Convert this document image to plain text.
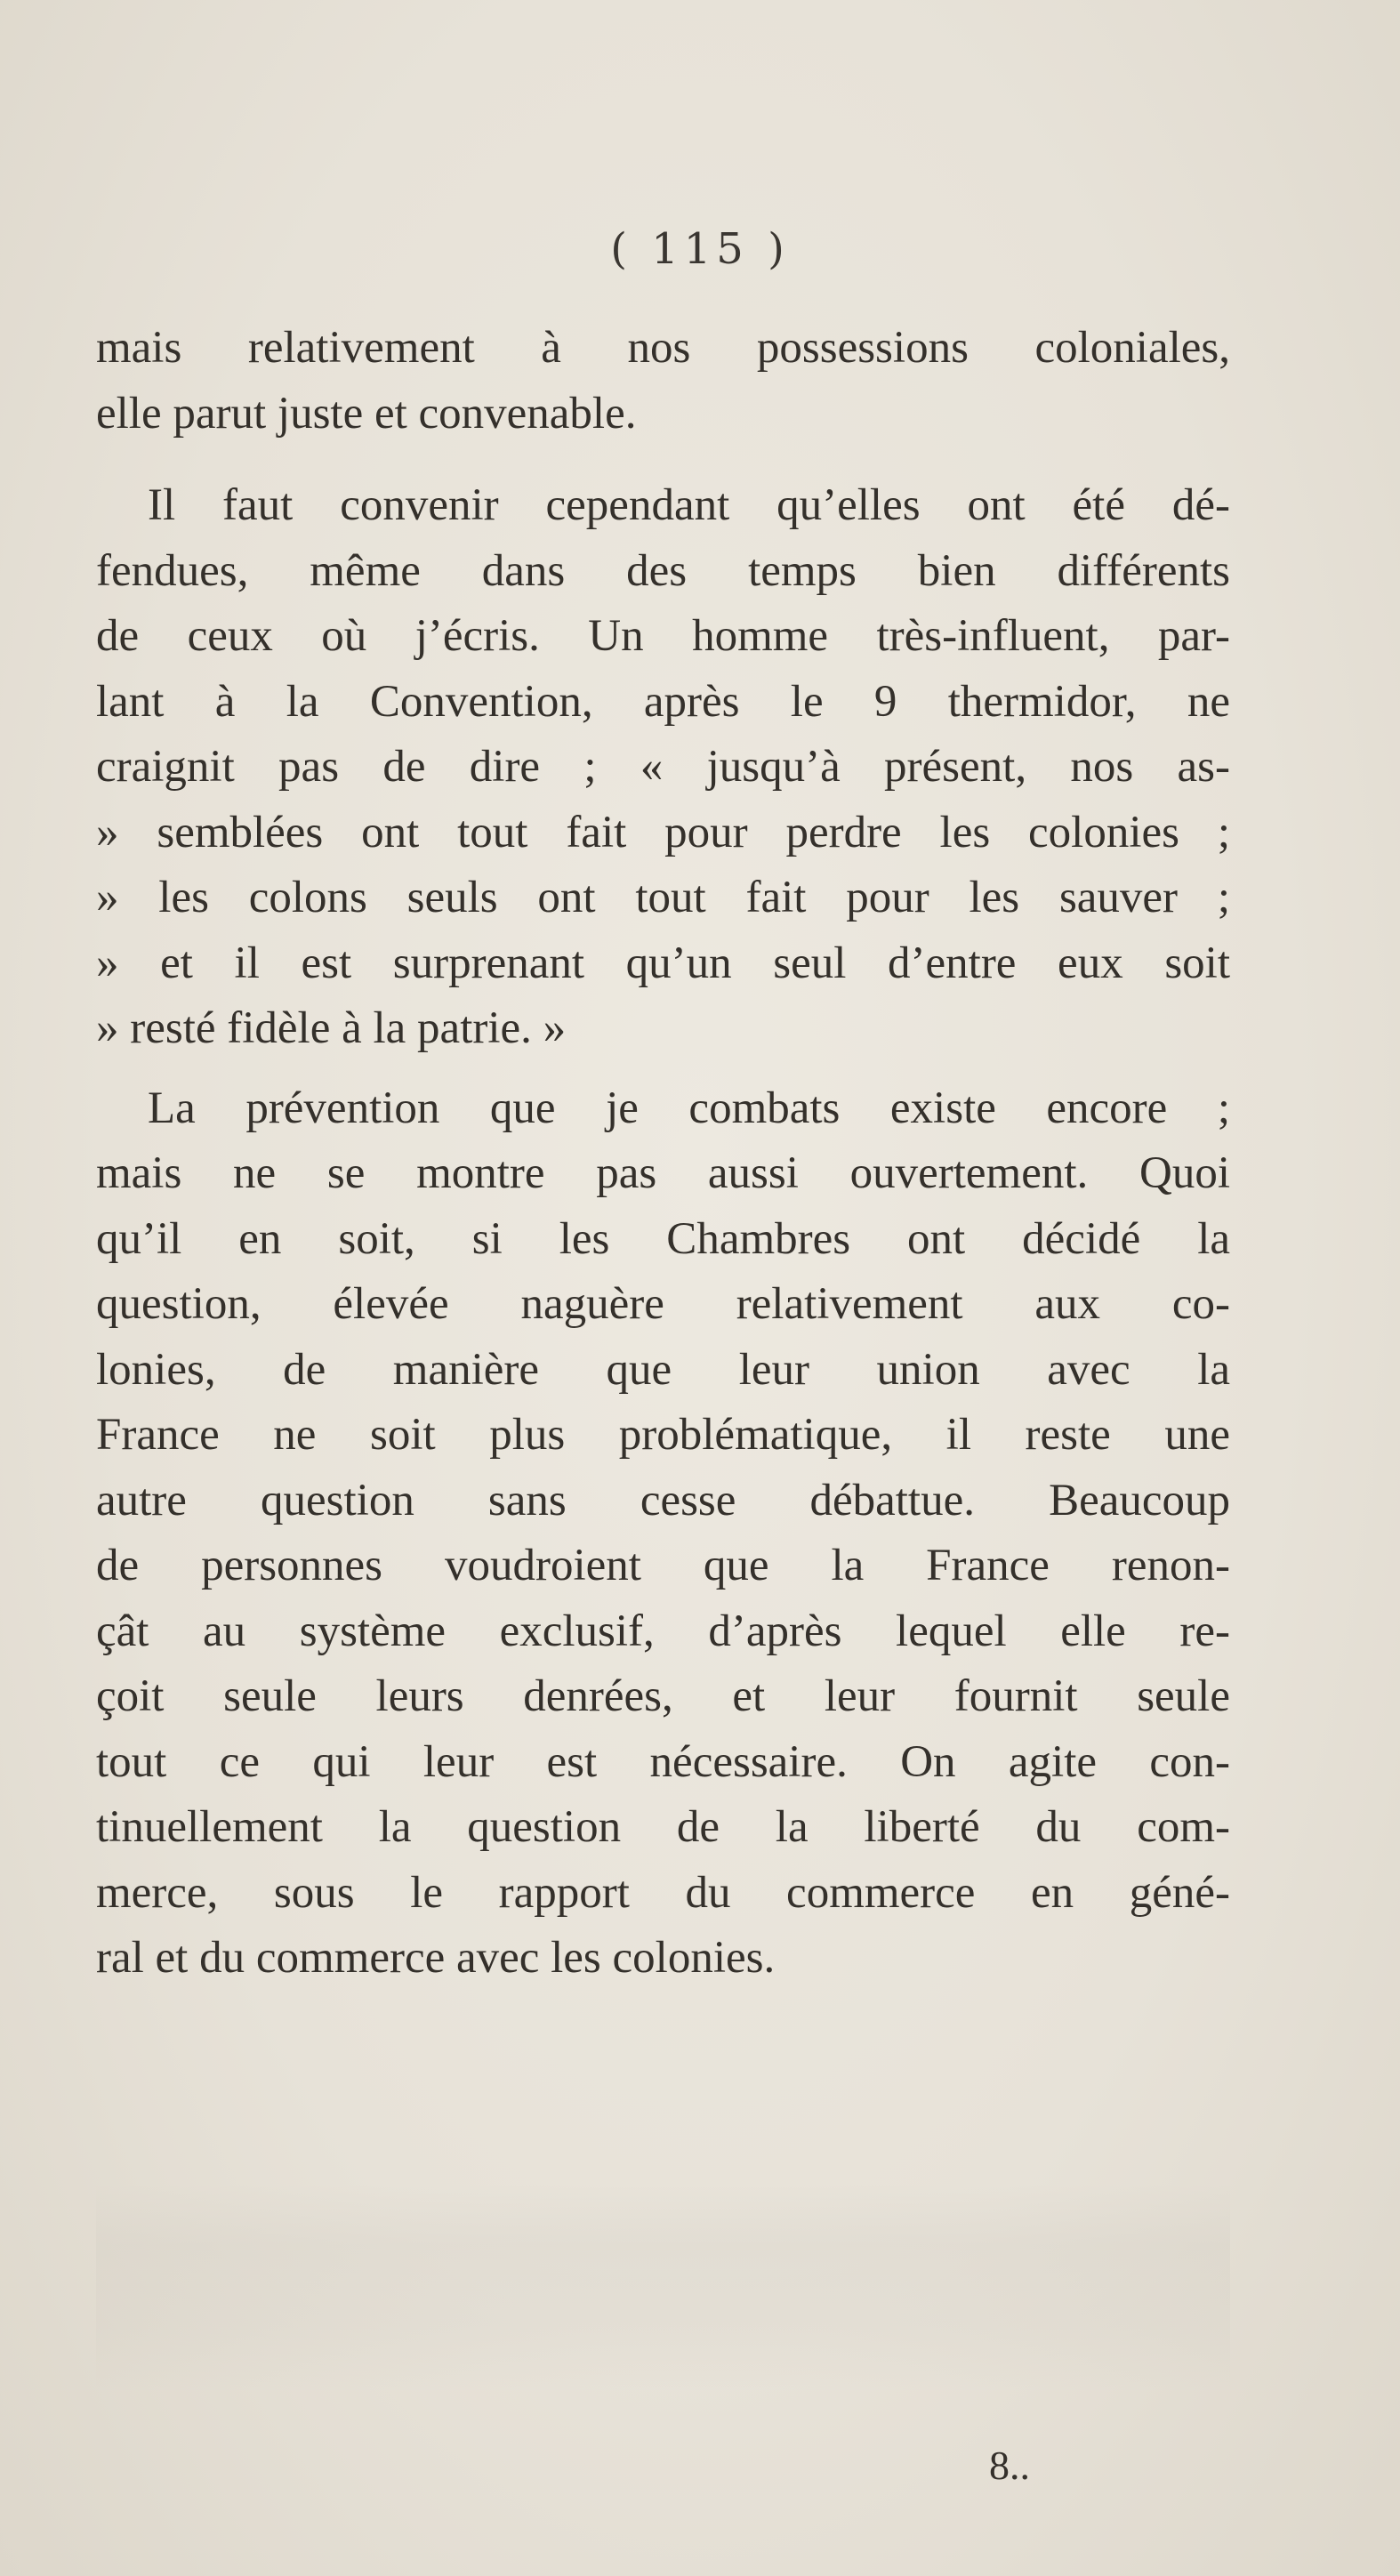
( 115 )
mais relativement à nos possessions coloniales,
elle parut juste et convenable.
Il faut convenir cependant qu’elles ont été dé-
fendues, même dans des temps bien différents
de ceux où j’écris. Un homme très-influent, par-
lant à la Convention, après le 9 thermidor, ne
craignit pas de dire ; « jusqu’à présent, nos as-
» semblées ont tout fait pour perdre les colonies ;
» les colons seuls ont tout fait pour les sauver ;
» et il est surprenant qu’un seul d’entre eux soit
» resté fidèle à la patrie. »
La prévention que je combats existe encore ;
mais ne se montre pas aussi ouvertement. Quoi
qu’il en soit, si les Chambres ont décidé la
question, élevée naguère relativement aux co-
lonies, de manière que leur union avec la
France ne soit plus problématique, il reste une
autre question sans cesse débattue. Beaucoup
de personnes voudroient que la France renon-
çât au système exclusif, d’après lequel elle re-
çoit seule leurs denrées, et leur fournit seule
tout ce qui leur est nécessaire. On agite con-
tinuellement la question de la liberté du com-
merce, sous le rapport du commerce en géné-
ral et du commerce avec les colonies.
8..
